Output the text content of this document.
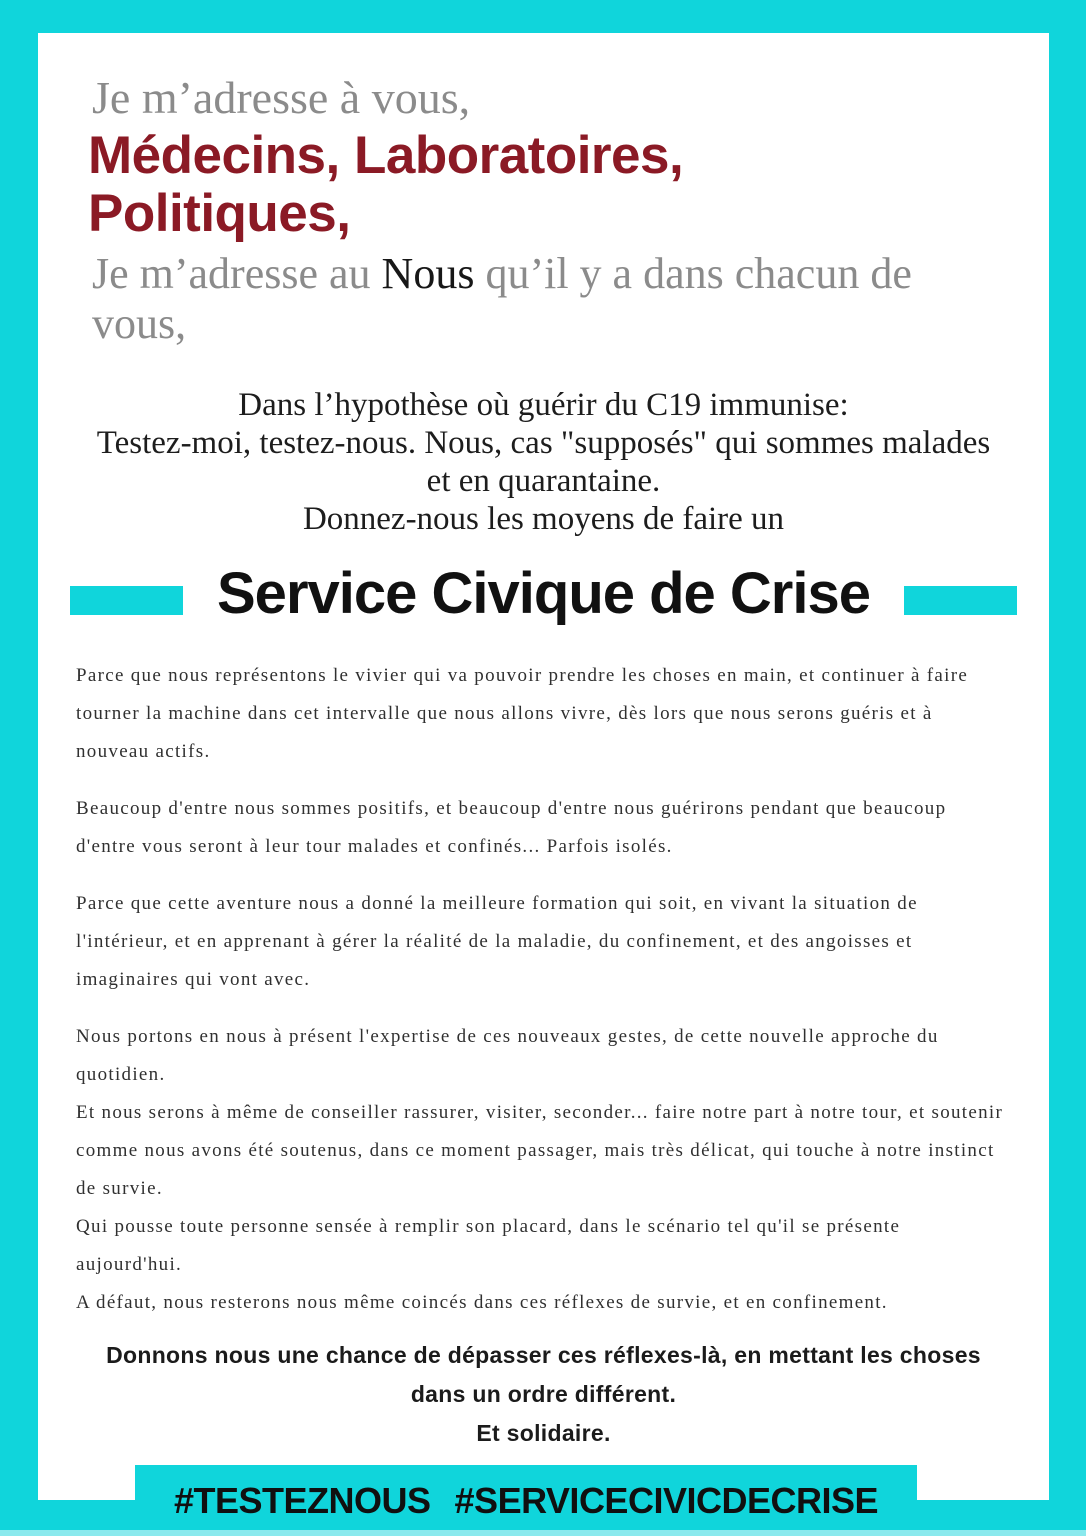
Je m’adresse à vous,
Médecins, Laboratoires,
Politiques,
Je m’adresse au Nous qu’il y a dans chacun de vous,
Dans l’hypothèse où guérir du C19 immunise:
Testez-moi, testez-nous. Nous, cas "supposés" qui sommes malades et en quarantaine.
Donnez-nous les moyens de faire un
Service Civique de Crise

Parce que nous représentons le vivier qui va pouvoir prendre les choses en main, et continuer à faire tourner la machine dans cet intervalle que nous allons vivre, dès lors que nous serons guéris et à nouveau actifs.

Beaucoup d'entre nous sommes positifs, et beaucoup d'entre nous guérirons pendant que beaucoup d'entre vous seront à leur tour malades et confinés... Parfois isolés.

Parce que cette aventure nous a donné la meilleure formation qui soit, en vivant la situation de l'intérieur, et en apprenant à gérer la réalité de la maladie, du confinement, et des angoisses et imaginaires qui vont avec.

Nous portons en nous à présent l'expertise de ces nouveaux gestes, de cette nouvelle approche du quotidien.

Et nous serons à même de conseiller rassurer, visiter, seconder... faire notre part à notre tour, et soutenir comme nous avons été soutenus, dans ce moment passager, mais très délicat, qui touche à notre instinct de survie.

Qui pousse toute personne sensée à remplir son placard, dans le scénario tel qu'il se présente aujourd'hui.

A défaut, nous resterons nous même coincés dans ces réflexes de survie, et en confinement.

Donnons nous une chance de dépasser ces réflexes-là, en mettant les choses dans un ordre différent.
Et solidaire.
#TESTEZNOUS #SERVICECIVICDECRISE
